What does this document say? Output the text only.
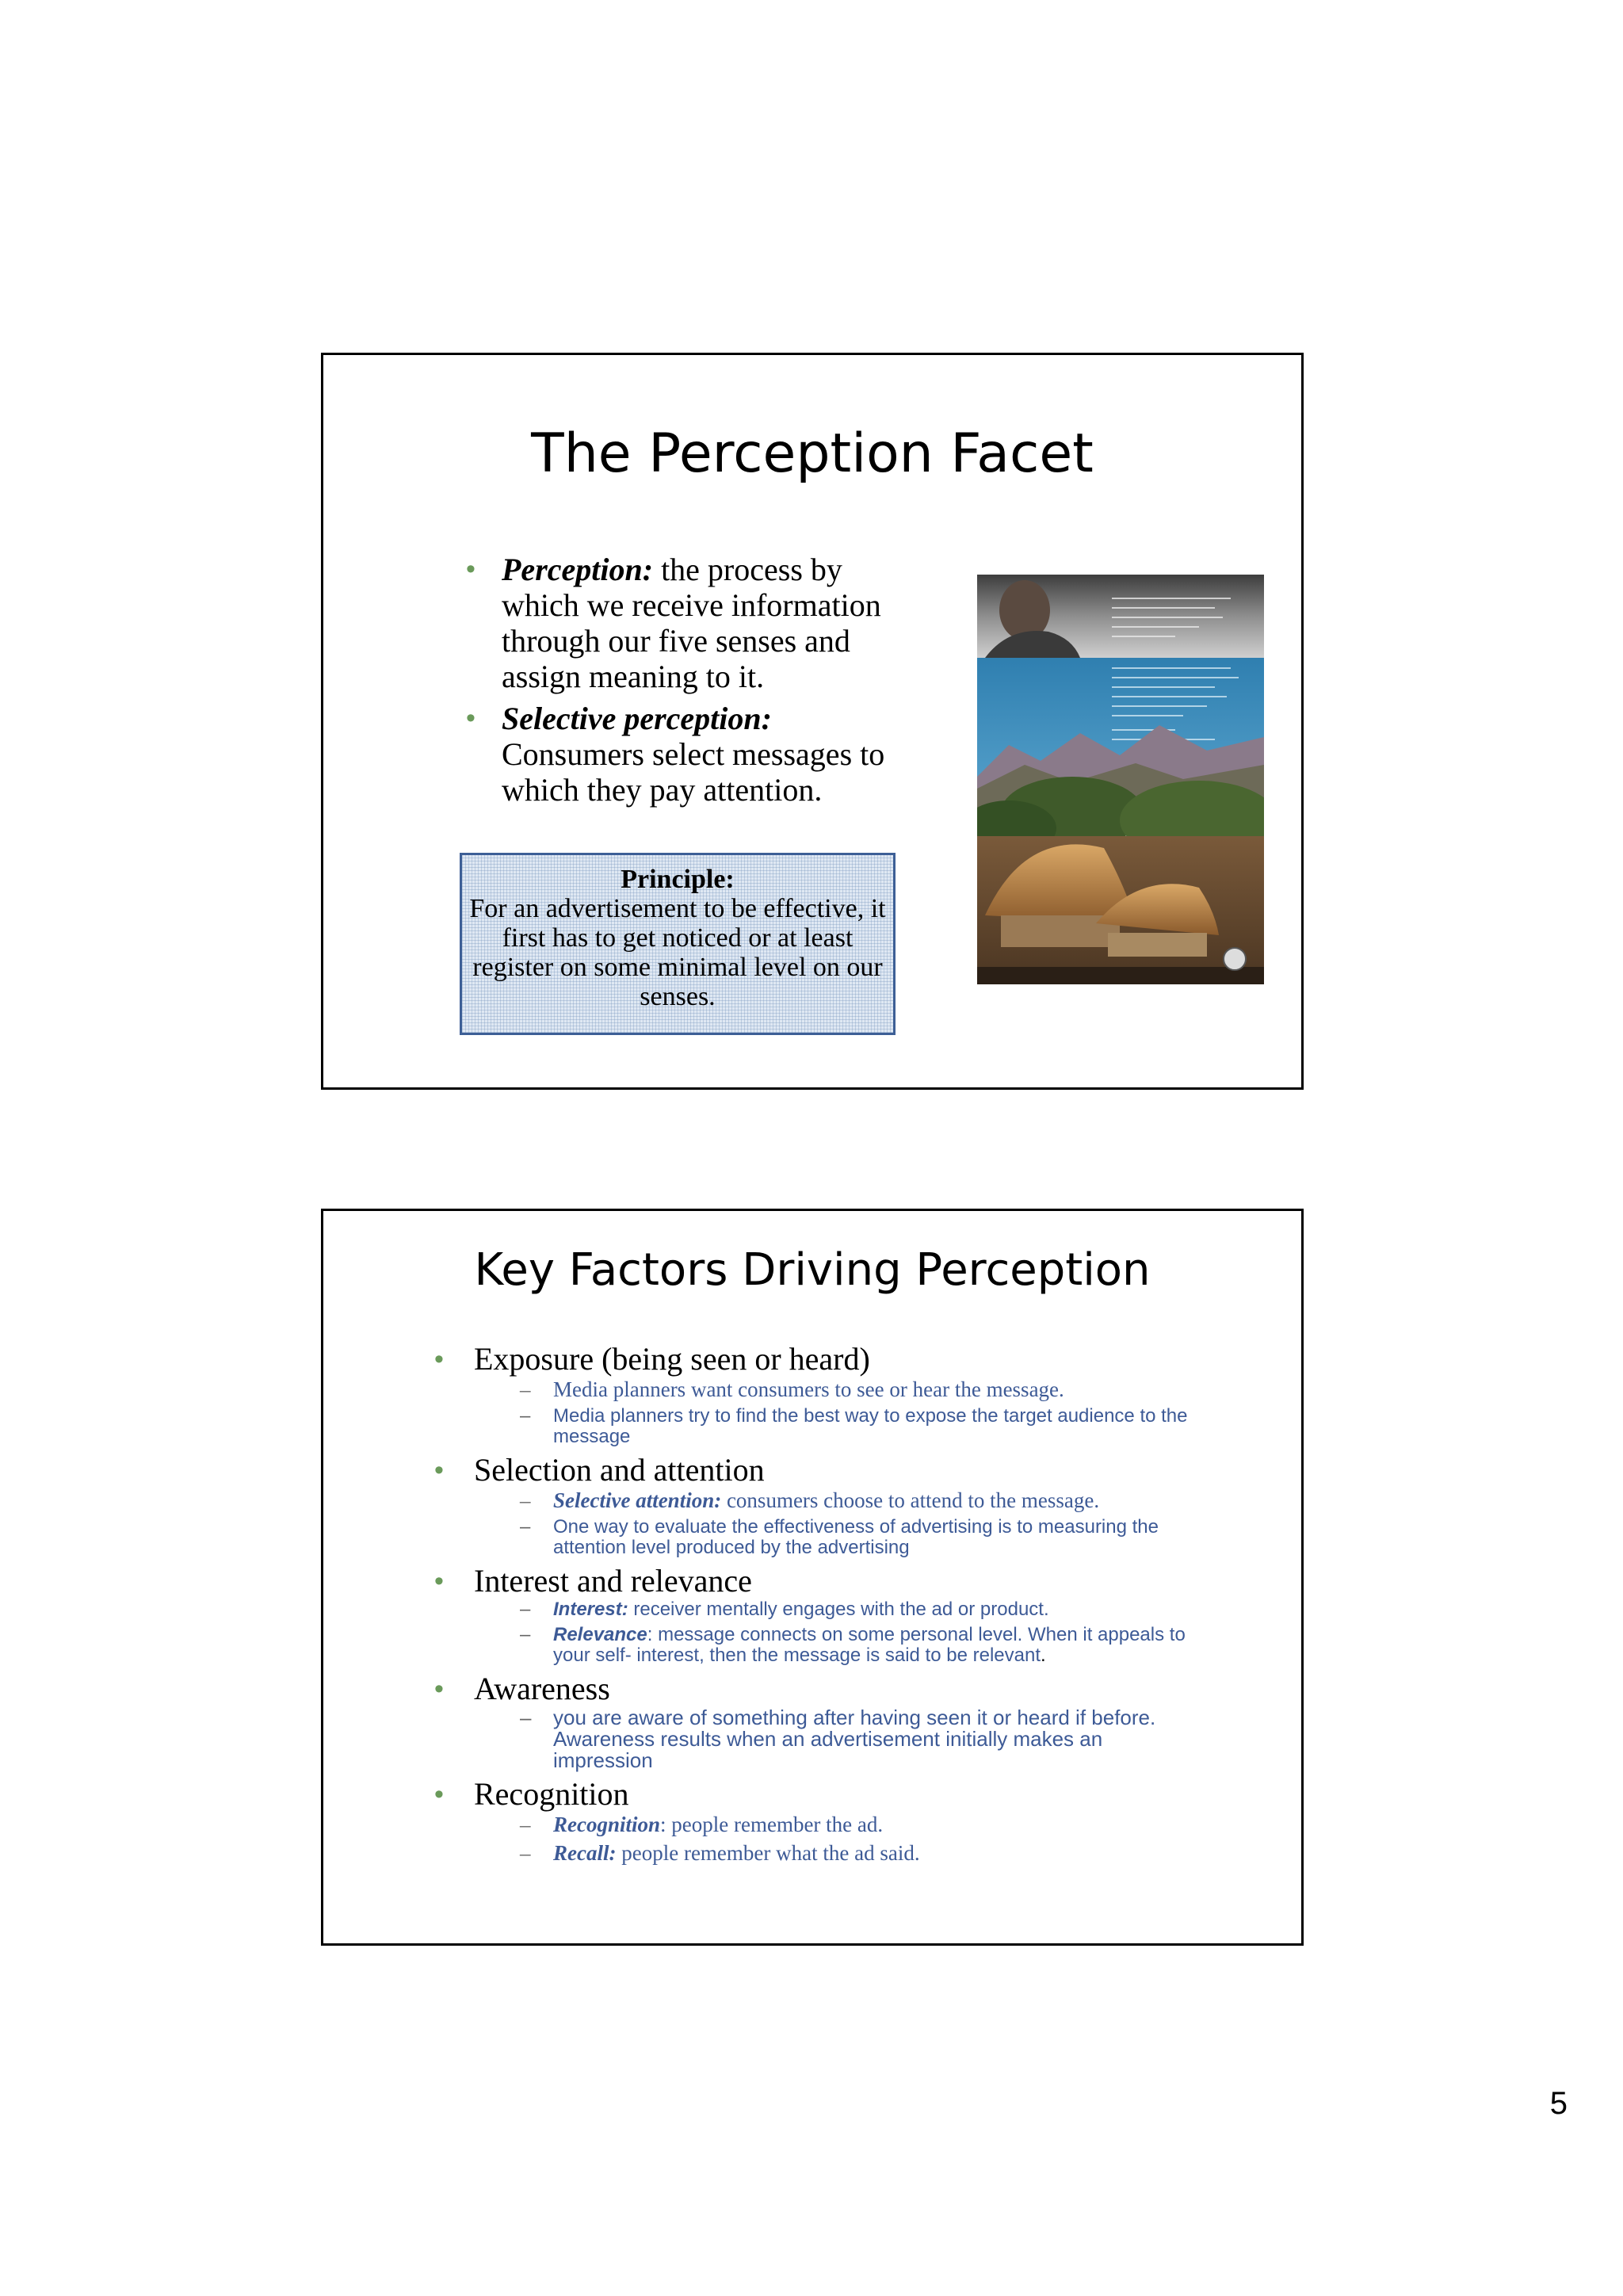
The Perception Facet
• Perception: the process by which we receive information through our five senses and assign meaning to it.
• Selective perception: Consumers select messages to which they pay attention.
Principle:
For an advertisement to be effective, it first has to get noticed or at least register on some minimal level on our senses.
Key Factors Driving Perception
• Exposure (being seen or heard)
– Media planners want consumers to see or hear the message.
– Media planners try to find the best way to expose the target audience to the message
• Selection and attention
– Selective attention: consumers choose to attend to the message.
– One way to evaluate the effectiveness of advertising is to measuring the attention level produced by the advertising
• Interest and relevance
– Interest: receiver mentally engages with the ad or product.
– Relevance: message connects on some personal level. When it appeals to your self- interest, then the message is said to be relevant.
• Awareness
– you are aware of something after having seen it or heard if before. Awareness results when an advertisement initially makes an impression
• Recognition
– Recognition: people remember the ad.
– Recall: people remember what the ad said.
5
